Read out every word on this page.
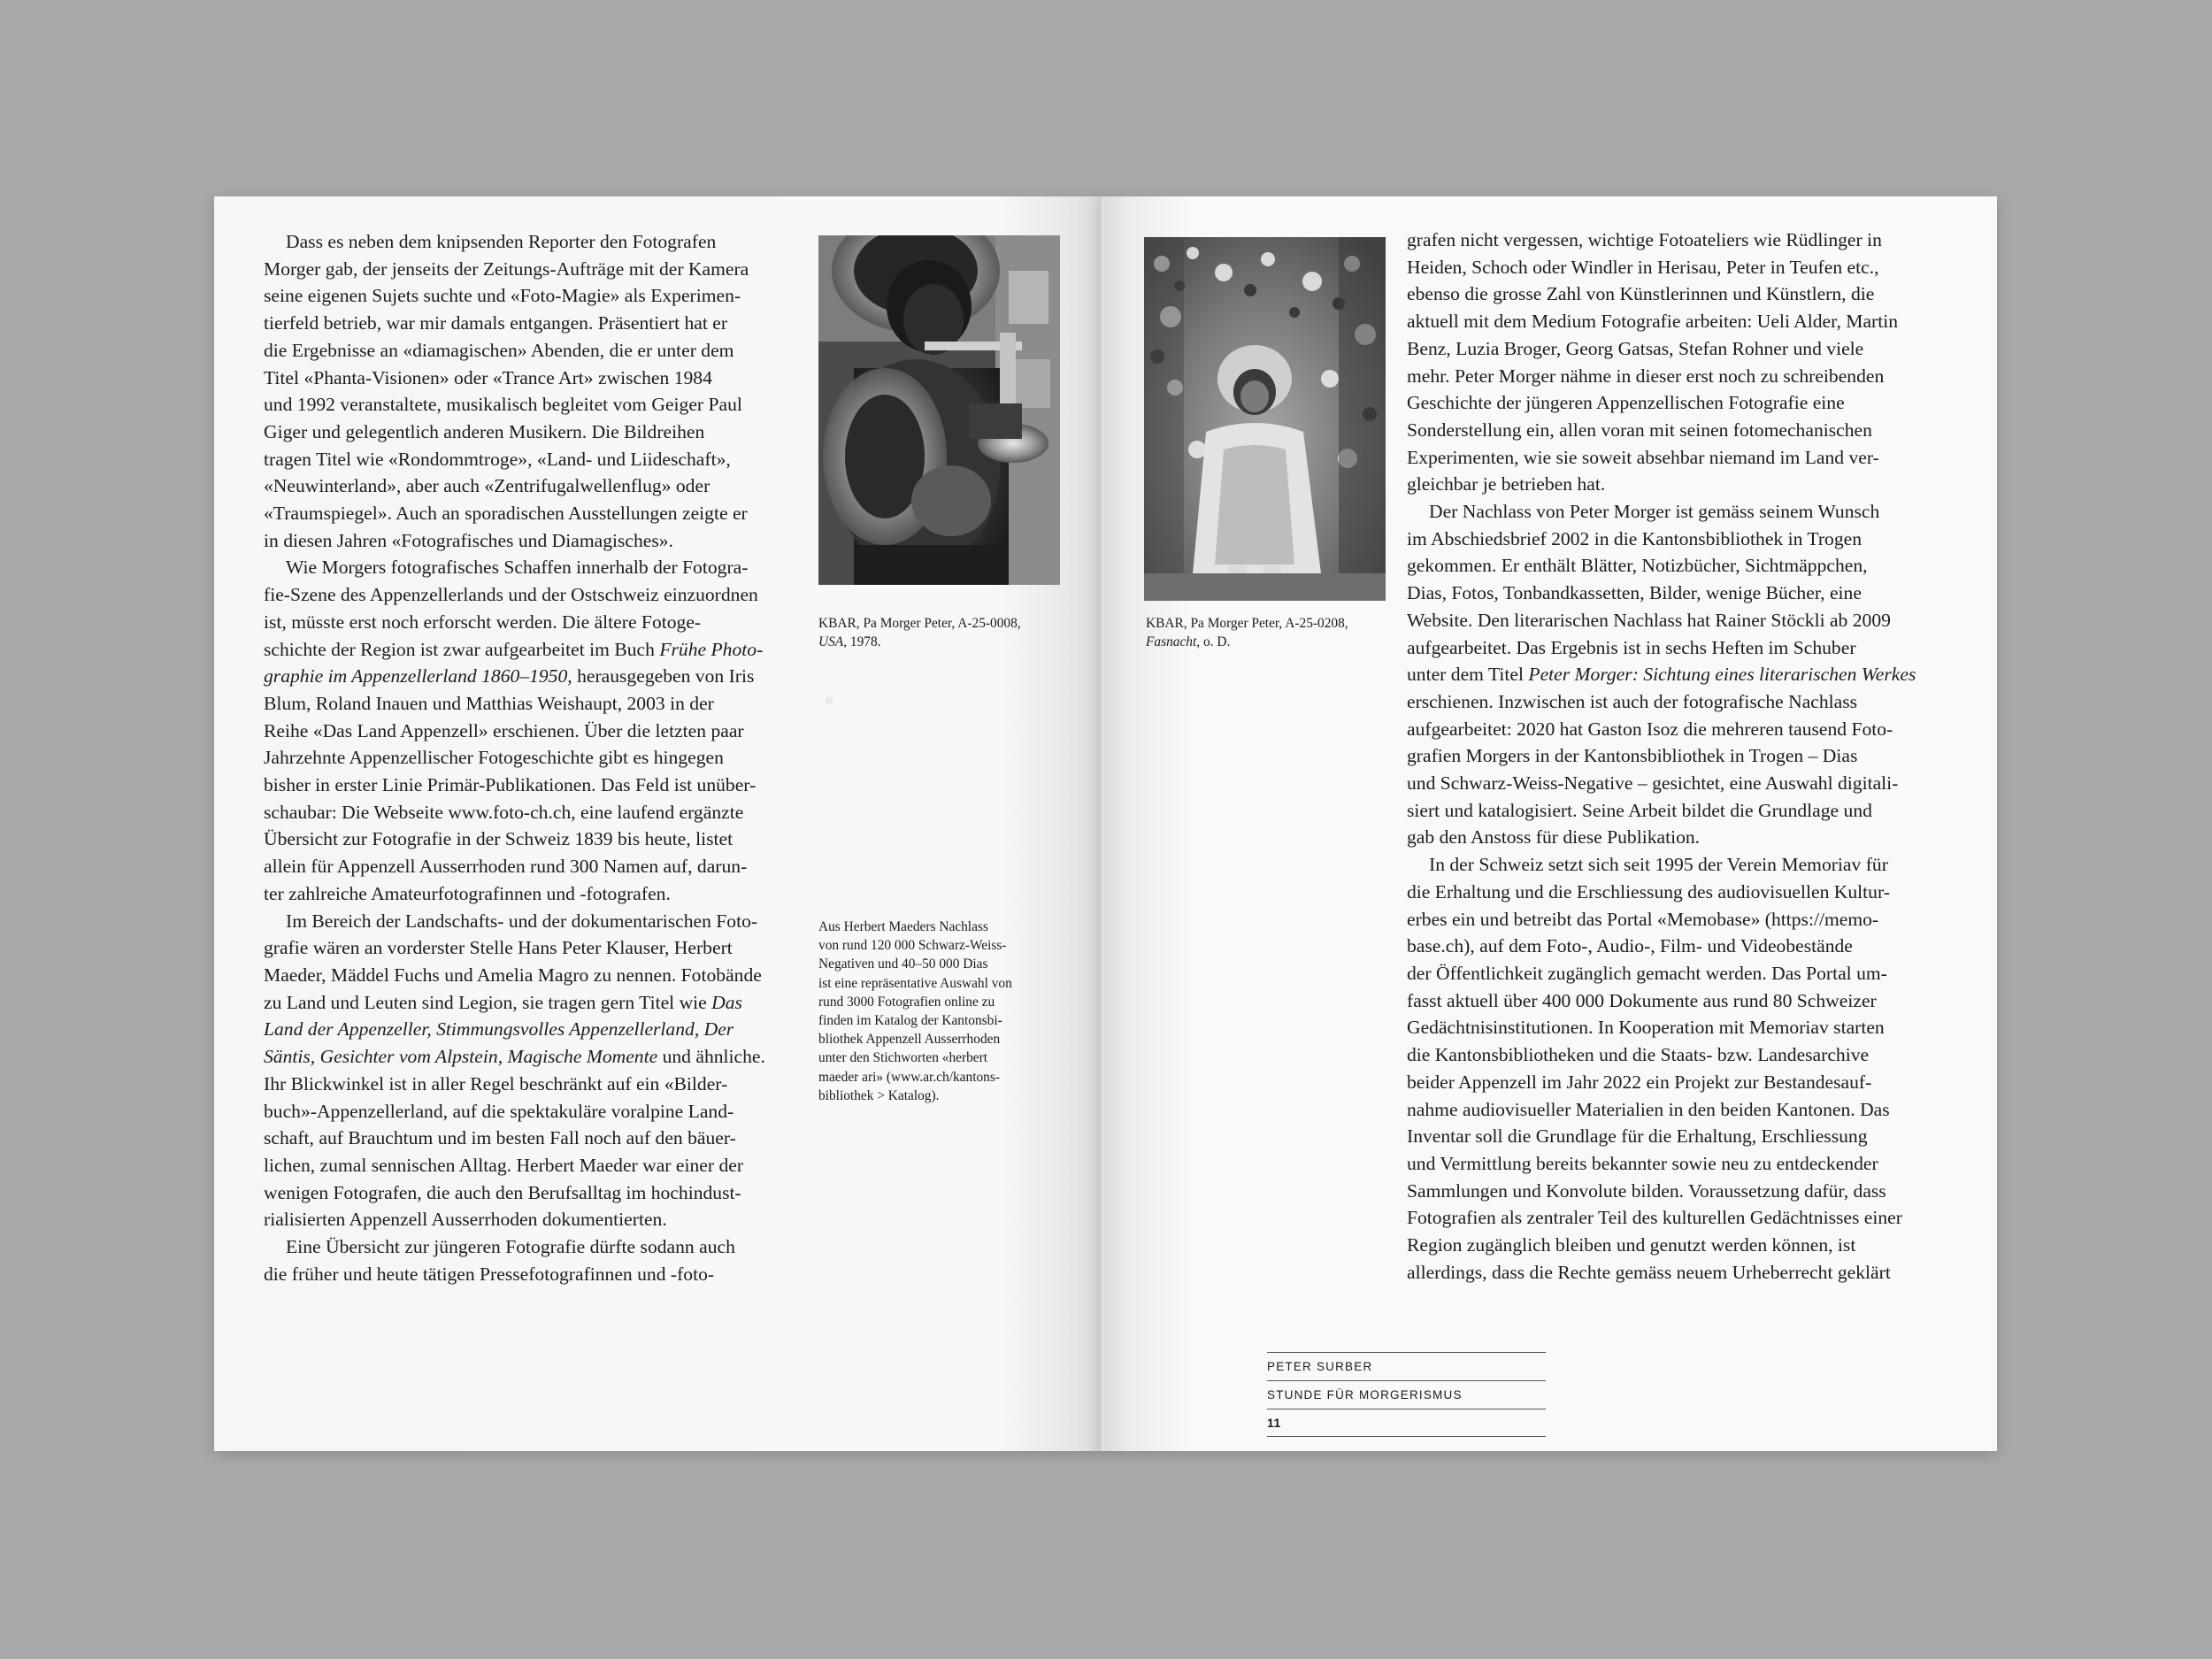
■
Dass es neben dem knipsenden Reporter den Fotografen
Morger gab, der jenseits der Zeitungs-Aufträge mit der Kamera
seine eigenen Sujets suchte und «Foto-Magie» als Experimen-
tierfeld betrieb, war mir damals entgangen. Präsentiert hat er
die Ergebnisse an «diamagischen» Abenden, die er unter dem
Titel «Phanta-Visionen» oder «Trance Art» zwischen 1984
und 1992 veranstaltete, musikalisch begleitet vom Geiger Paul
Giger und gelegentlich anderen Musikern. Die Bildreihen
tragen Titel wie «Rondommtroge», «Land- und Liideschaft»,
«Neuwinterland», aber auch «Zentrifugalwellenflug» oder
«Traumspiegel». Auch an sporadischen Ausstellungen zeigte er
in diesen Jahren «Fotografisches und Diamagisches».
Wie Morgers fotografisches Schaffen innerhalb der Fotogra-
fie-Szene des Appenzellerlands und der Ostschweiz einzuordnen
ist, müsste erst noch erforscht werden. Die ältere Fotoge-
schichte der Region ist zwar aufgearbeitet im Buch Frühe Photo-
graphie im Appenzellerland 1860–1950, herausgegeben von Iris
Blum, Roland Inauen und Matthias Weishaupt, 2003 in der
Reihe «Das Land Appenzell» erschienen. Über die letzten paar
Jahrzehnte Appenzellischer Fotogeschichte gibt es hingegen
bisher in erster Linie Primär-Publikationen. Das Feld ist unüber-
schaubar: Die Webseite www.foto-ch.ch, eine laufend ergänzte
Übersicht zur Fotografie in der Schweiz 1839 bis heute, listet
allein für Appenzell Ausserrhoden rund 300 Namen auf, darun-
ter zahlreiche Amateurfotografinnen und -fotografen.
Im Bereich der Landschafts- und der dokumentarischen Foto-
grafie wären an vorderster Stelle Hans Peter Klauser, Herbert
Maeder, Mäddel Fuchs und Amelia Magro zu nennen. Fotobände
zu Land und Leuten sind Legion, sie tragen gern Titel wie Das
Land der Appenzeller, Stimmungsvolles Appenzellerland, Der
Säntis, Gesichter vom Alpstein, Magische Momente und ähnliche.
Ihr Blickwinkel ist in aller Regel beschränkt auf ein «Bilder-
buch»-Appenzellerland, auf die spektakuläre voralpine Land-
schaft, auf Brauchtum und im besten Fall noch auf den bäuer-
lichen, zumal sennischen Alltag. Herbert Maeder war einer der
wenigen Fotografen, die auch den Berufsalltag im hochindust-
rialisierten Appenzell Ausserrhoden dokumentierten.
Eine Übersicht zur jüngeren Fotografie dürfte sodann auch
die früher und heute tätigen Pressefotografinnen und -foto-
KBAR, Pa Morger Peter, A-25-0008,
USA, 1978.
Aus Herbert Maeders Nachlass
von rund 120 000 Schwarz-Weiss-
Negativen und 40–50 000 Dias
ist eine repräsentative Auswahl von
rund 3000 Fotografien online zu
finden im Katalog der Kantonsbi-
bliothek Appenzell Ausserrhoden
unter den Stichworten «herbert
maeder ari» (www.ar.ch/kantons-
bibliothek > Katalog).
KBAR, Pa Morger Peter, A-25-0208,
Fasnacht, o. D.
grafen nicht vergessen, wichtige Fotoateliers wie Rüdlinger in
Heiden, Schoch oder Windler in Herisau, Peter in Teufen etc.,
ebenso die grosse Zahl von Künstlerinnen und Künstlern, die
aktuell mit dem Medium Fotografie arbeiten: Ueli Alder, Martin
Benz, Luzia Broger, Georg Gatsas, Stefan Rohner und viele
mehr. Peter Morger nähme in dieser erst noch zu schreibenden
Geschichte der jüngeren Appenzellischen Fotografie eine
Sonderstellung ein, allen voran mit seinen fotomechanischen
Experimenten, wie sie soweit absehbar niemand im Land ver-
gleichbar je betrieben hat.
Der Nachlass von Peter Morger ist gemäss seinem Wunsch
im Abschiedsbrief 2002 in die Kantonsbibliothek in Trogen
gekommen. Er enthält Blätter, Notizbücher, Sichtmäppchen,
Dias, Fotos, Tonbandkassetten, Bilder, wenige Bücher, eine
Website. Den literarischen Nachlass hat Rainer Stöckli ab 2009
aufgearbeitet. Das Ergebnis ist in sechs Heften im Schuber
unter dem Titel Peter Morger: Sichtung eines literarischen Werkes
erschienen. Inzwischen ist auch der fotografische Nachlass
aufgearbeitet: 2020 hat Gaston Isoz die mehreren tausend Foto-
grafien Morgers in der Kantonsbibliothek in Trogen – Dias
und Schwarz-Weiss-Negative – gesichtet, eine Auswahl digitali-
siert und katalogisiert. Seine Arbeit bildet die Grundlage und
gab den Anstoss für diese Publikation.
In der Schweiz setzt sich seit 1995 der Verein Memoriav für
die Erhaltung und die Erschliessung des audiovisuellen Kultur-
erbes ein und betreibt das Portal «Memobase» (https://memo-
base.ch), auf dem Foto-, Audio-, Film- und Videobestände
der Öffentlichkeit zugänglich gemacht werden. Das Portal um-
fasst aktuell über 400 000 Dokumente aus rund 80 Schweizer
Gedächtnisinstitutionen. In Kooperation mit Memoriav starten
die Kantonsbibliotheken und die Staats- bzw. Landesarchive
beider Appenzell im Jahr 2022 ein Projekt zur Bestandesauf-
nahme audiovisueller Materialien in den beiden Kantonen. Das
Inventar soll die Grundlage für die Erhaltung, Erschliessung
und Vermittlung bereits bekannter sowie neu zu entdeckender
Sammlungen und Konvolute bilden. Voraussetzung dafür, dass
Fotografien als zentraler Teil des kulturellen Gedächtnisses einer
Region zugänglich bleiben und genutzt werden können, ist
allerdings, dass die Rechte gemäss neuem Urheberrecht geklärt
PETER SURBER
STUNDE FÜR MORGERISMUS
11
